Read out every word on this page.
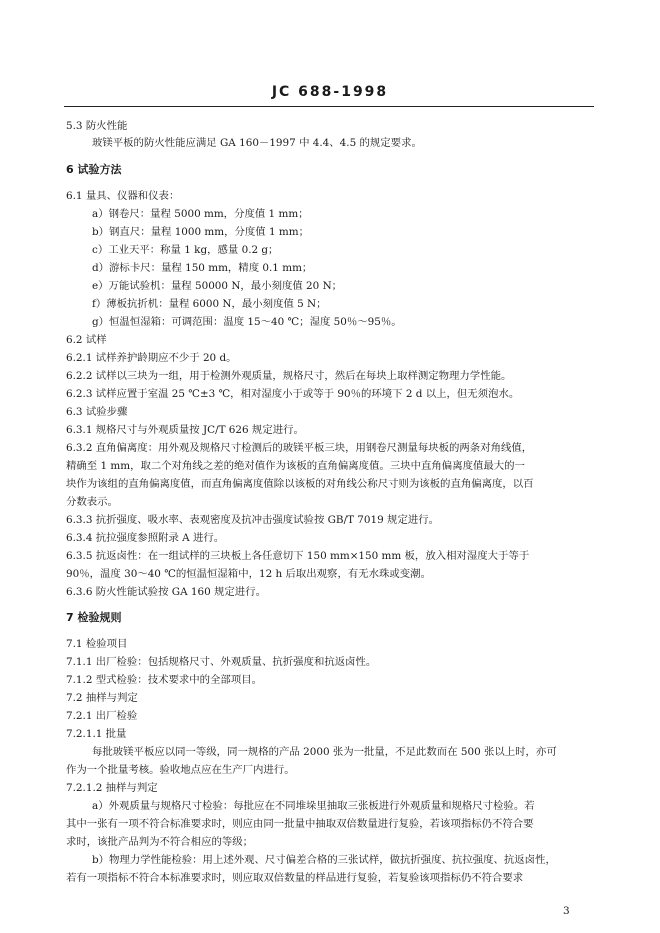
JC 688-1998
5.3 防火性能
玻镁平板的防火性能应满足 GA 160－1997 中 4.4、4.5 的规定要求。
6 试验方法
6.1 量具、仪器和仪表：
a）钢卷尺：量程 5000 mm，分度值 1 mm；
b）钢直尺：量程 1000 mm，分度值 1 mm；
c）工业天平：称量 1 kg，感量 0.2 g；
d）游标卡尺：量程 150 mm，精度 0.1 mm；
e）万能试验机：量程 50000 N，最小刻度值 20 N；
f）薄板抗折机：量程 6000 N，最小刻度值 5 N；
g）恒温恒湿箱：可调范围：温度 15～40 ℃；湿度 50％～95％。
6.2 试样
6.2.1 试样养护龄期应不少于 20 d。
6.2.2 试样以三块为一组，用于检测外观质量，规格尺寸，然后在每块上取样测定物理力学性能。
6.2.3 试样应置于室温 25 ℃±3 ℃，相对湿度小于或等于 90％的环境下 2 d 以上，但无须泡水。
6.3 试验步骤
6.3.1 规格尺寸与外观质量按 JC/T 626 规定进行。
6.3.2 直角偏离度：用外观及规格尺寸检测后的玻镁平板三块，用钢卷尺测量每块板的两条对角线值，
精确至 1 mm，取二个对角线之差的绝对值作为该板的直角偏离度值。三块中直角偏离度值最大的一
块作为该组的直角偏离度值，而直角偏离度值除以该板的对角线公称尺寸则为该板的直角偏离度，以百
分数表示。
6.3.3 抗折强度、吸水率、表观密度及抗冲击强度试验按 GB/T 7019 规定进行。
6.3.4 抗拉强度参照附录 A 进行。
6.3.5 抗返卤性：在一组试样的三块板上各任意切下 150 mm×150 mm 板，放入相对湿度大于等于
90％，温度 30～40 ℃的恒温恒湿箱中，12 h 后取出观察，有无水珠或变潮。
6.3.6 防火性能试验按 GA 160 规定进行。
7 检验规则
7.1 检验项目
7.1.1 出厂检验：包括规格尺寸、外观质量、抗折强度和抗返卤性。
7.1.2 型式检验：技术要求中的全部项目。
7.2 抽样与判定
7.2.1 出厂检验
7.2.1.1 批量
每批玻镁平板应以同一等级，同一规格的产品 2000 张为一批量，不足此数而在 500 张以上时，亦可
作为一个批量考核。验收地点应在生产厂内进行。
7.2.1.2 抽样与判定
a）外观质量与规格尺寸检验：每批应在不同堆垛里抽取三张板进行外观质量和规格尺寸检验。若
其中一张有一项不符合标准要求时，则应由同一批量中抽取双倍数量进行复验，若该项指标仍不符合要
求时，该批产品判为不符合相应的等级；
b）物理力学性能检验：用上述外观、尺寸偏差合格的三张试样，做抗折强度、抗拉强度、抗返卤性，
若有一项指标不符合本标准要求时，则应取双倍数量的样品进行复验，若复验该项指标仍不符合要求
3
